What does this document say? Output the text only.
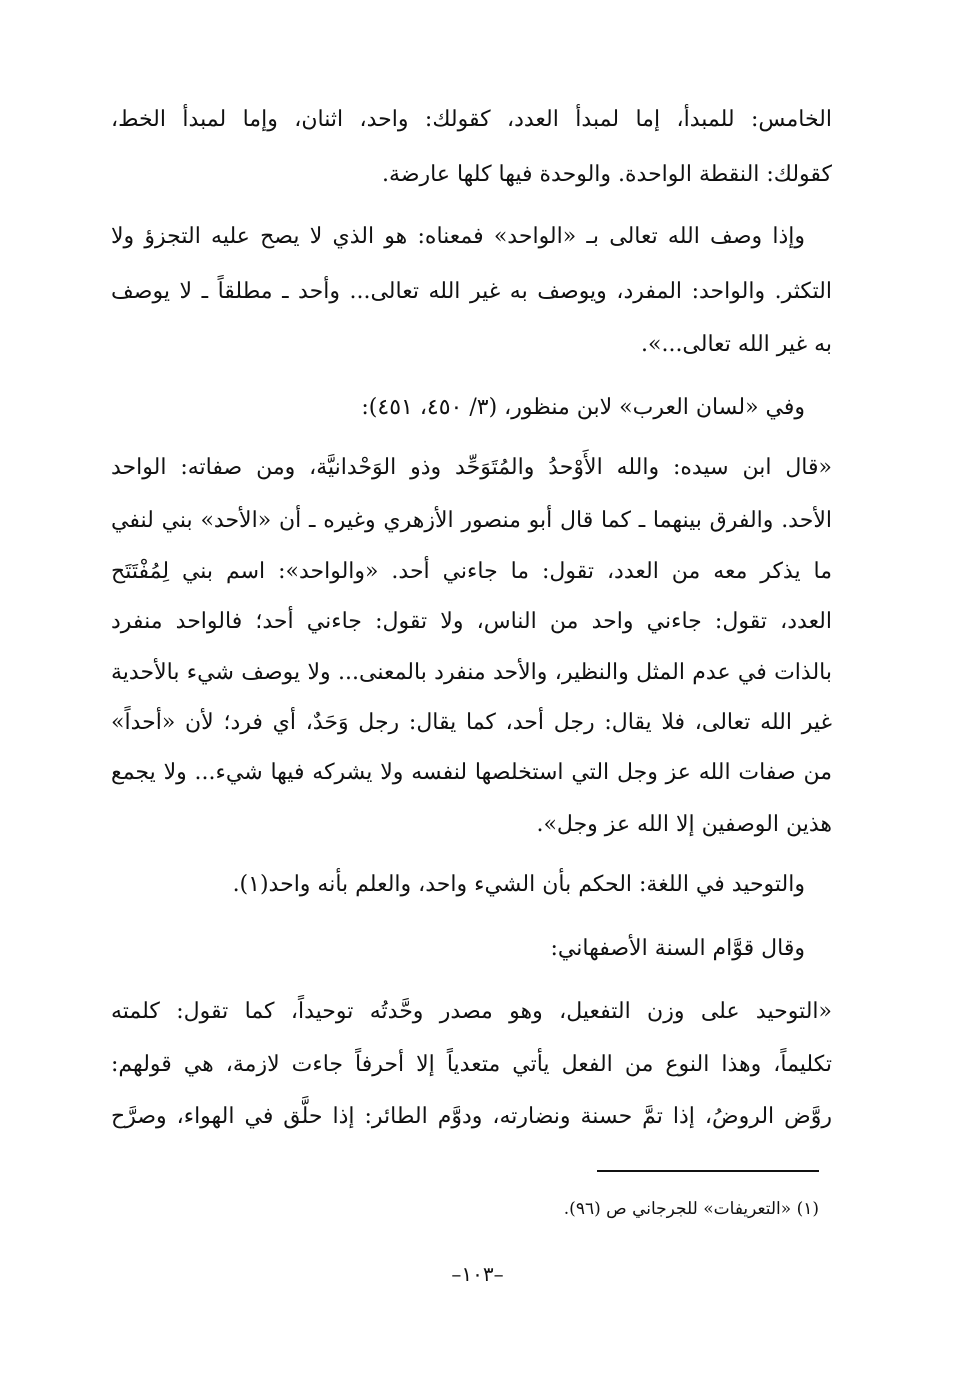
الخامس: للمبدأ، إما لمبدأ العدد، كقولك: واحد، اثنان، وإما لمبدأ الخط،
كقولك: النقطة الواحدة. والوحدة فيها كلها عارضة.
وإذا وصف الله تعالى بـ «الواحد» فمعناه: هو الذي لا يصح عليه التجزؤ ولا
التكثر. والواحد: المفرد، ويوصف به غير الله تعالى... وأحد ـ مطلقاً ـ لا يوصف
به غير الله تعالى...».
وفي «لسان العرب» لابن منظور، (٣/ ٤٥٠، ٤٥١):
«قال ابن سيده: والله الأَوْحدُ والمُتَوَحِّد وذو الوَحْدانيَّة، ومن صفاته: الواحد
الأحد. والفرق بينهما ـ كما قال أبو منصور الأزهري وغيره ـ أن «الأحد» بني لنفي
ما يذكر معه من العدد، تقول: ما جاءني أحد. «والواحد»: اسم بني لِمُفْتَتَح
العدد، تقول: جاءني واحد من الناس، ولا تقول: جاءني أحد؛ فالواحد منفرد
بالذات في عدم المثل والنظير، والأحد منفرد بالمعنى... ولا يوصف شيء بالأحدية
غير الله تعالى، فلا يقال: رجل أحد، كما يقال: رجل وَحَدٌ، أي فرد؛ لأن «أحداً»
من صفات الله عز وجل التي استخلصها لنفسه ولا يشركه فيها شيء... ولا يجمع
هذين الوصفين إلا الله عز وجل».
والتوحيد في اللغة: الحكم بأن الشيء واحد، والعلم بأنه واحد(١).
وقال قوَّام السنة الأصفهاني:
«التوحيد على وزن التفعيل، وهو مصدر وحَّدتُه توحيداً، كما تقول: كلمته
تكليماً، وهذا النوع من الفعل يأتي متعدياً إلا أحرفاً جاءت لازمة، هي قولهم:
روَّض الروضُ، إذا تمَّ حسنة ونضارته، ودوَّم الطائر: إذا حلَّق في الهواء، وصرَّح
(١) «التعريفات» للجرجاني ص (٩٦).
–١٠٣–
